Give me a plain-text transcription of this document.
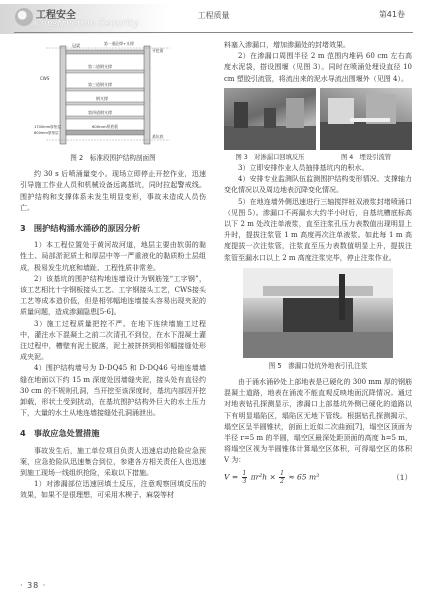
工程安全
Construction Security
工程质量	第41卷
冠梁	第一道砼撑+支撑
开挖面
CWS
第二道钢支撑
第三道钢支撑
钢支撑
第四道钢支撑
1700mm厚垫层
600mm厚垫层
600mm厚底板
基坑底
图 2　标准段围护结构剖面图

约 30 s 后喷涌量变小。现场立即停止开挖作业，迅速引导施工作业人员和机械设备远离基坑，同时拉起警戒线。围护结构和支撑体系未发生明显变形，事故未造成人员伤亡。

3　围护结构涌水涌砂的原因分析

1）本工程位置处于黄河故河道，地层主要由软弱的黏性土、局部淤泥质土和厚层中等一严重液化的黏质粉土层组成，极易发生坑底和墙趾、工程性质非常差。

2）该基坑的围护结构地连墙设计为钢筋笼“工字钢”，该工艺相比十字钢板接头工艺、工字钢接头工艺，CWS接头工艺等成本造价低，但是相邻幅地连墙接头容易出现夹泥的质量问题，造成渗漏隐患[5-6]。

3）施工过程质量把控不严。在地下连续墙施工过程中，灌注水下混凝土之前二次清孔不到位，在水下混凝土灌注过程中，槽壁有泥土脱落，泥土被挤挤到相邻幅接缝处形成夹泥。

4）围护结构墙号为 D-DQ45 和 D-DQ46 号地连墙墙缝在地面以下约 15 m 深度处因墙缝夹泥，接头处有直径约 30 cm 的不规则孔洞，当开挖至该深度时，基坑内部因开挖卸载，形状土受到扰动，在基坑围护结构外巨大的水土压力下，大量的水土从地连墙接缝处孔洞涌泄出。

4　事故应急处置措施

事故发生后，施工单位项目负责人迅速启动抢险应急预案，应急抢险队迅速集合到位，参建各方相关责任人也迅速到施工现场一线组织抢险，采取以下措施。

1）对渗漏部位迅速回填土反压，注意观察回填反压的效果，如果不是很理想，可采用木楔子、麻袋等材

料塞入渗漏口，增加渗漏处的封堵效果。

2）在渗漏口周围半径 2 m 范围内堆码 60 cm 左右高度水泥袋，搭设围堰（见图 3）。同时在喷涌处埋设直径 10 cm 塑胶引流管，将流出来的泥水导流出围堰外（见图 4）。

图 3　对渗漏口回填反压	图 4　埋设引流管

3）立即安排作业人员抽排基坑内的积水。

4）安排专业监测队伍监测围护结构变形情况、支撑轴力变化情况以及周边地表沉降变化情况。

5）在地连墙外侧迅速进行三轴搅拌桩双液浆封堵喷涌口（见图 5）。渗漏口不再漏水大约半小时后，自基坑槽底标高以下 2 m 处改注单液浆，直至注浆孔压力表数值出现明显上升时，提拔注浆管 1 m 高度再次注单液浆。如此每 1 m 高度提拔一次注浆管，注浆直至压力表数值明显上升，提拔注浆管至漏水口以上 2 m 高度注浆完毕，停止注浆作业。

图 5　渗漏口处坑外地表引孔注浆

由于涌水涌砂处上部地表是已硬化的 300 mm 厚的钢筋混凝土道路，地表在涌流不能直观反映地面沉降情况。通过对地表钻孔探测显示，渗漏口上部基坑外侧已硬化的道路以下有明显塌陷区，塌陷区无地下管线。根据钻孔探测揭示，塌空区呈半圆锥状，剖面上近似二次曲面[7]，塌空区顶面为半径 r=5 m 的半圆，塌空区最深处距顶面的高度 h=5 m，将塌空区视为半圆锥体计算塌空区体积，可得塌空区的体积 V 为：

$V = \frac{1}{3} \pi r^2h \times \frac{1}{2} \approx 65$ m³	（1）
· 38 ·
